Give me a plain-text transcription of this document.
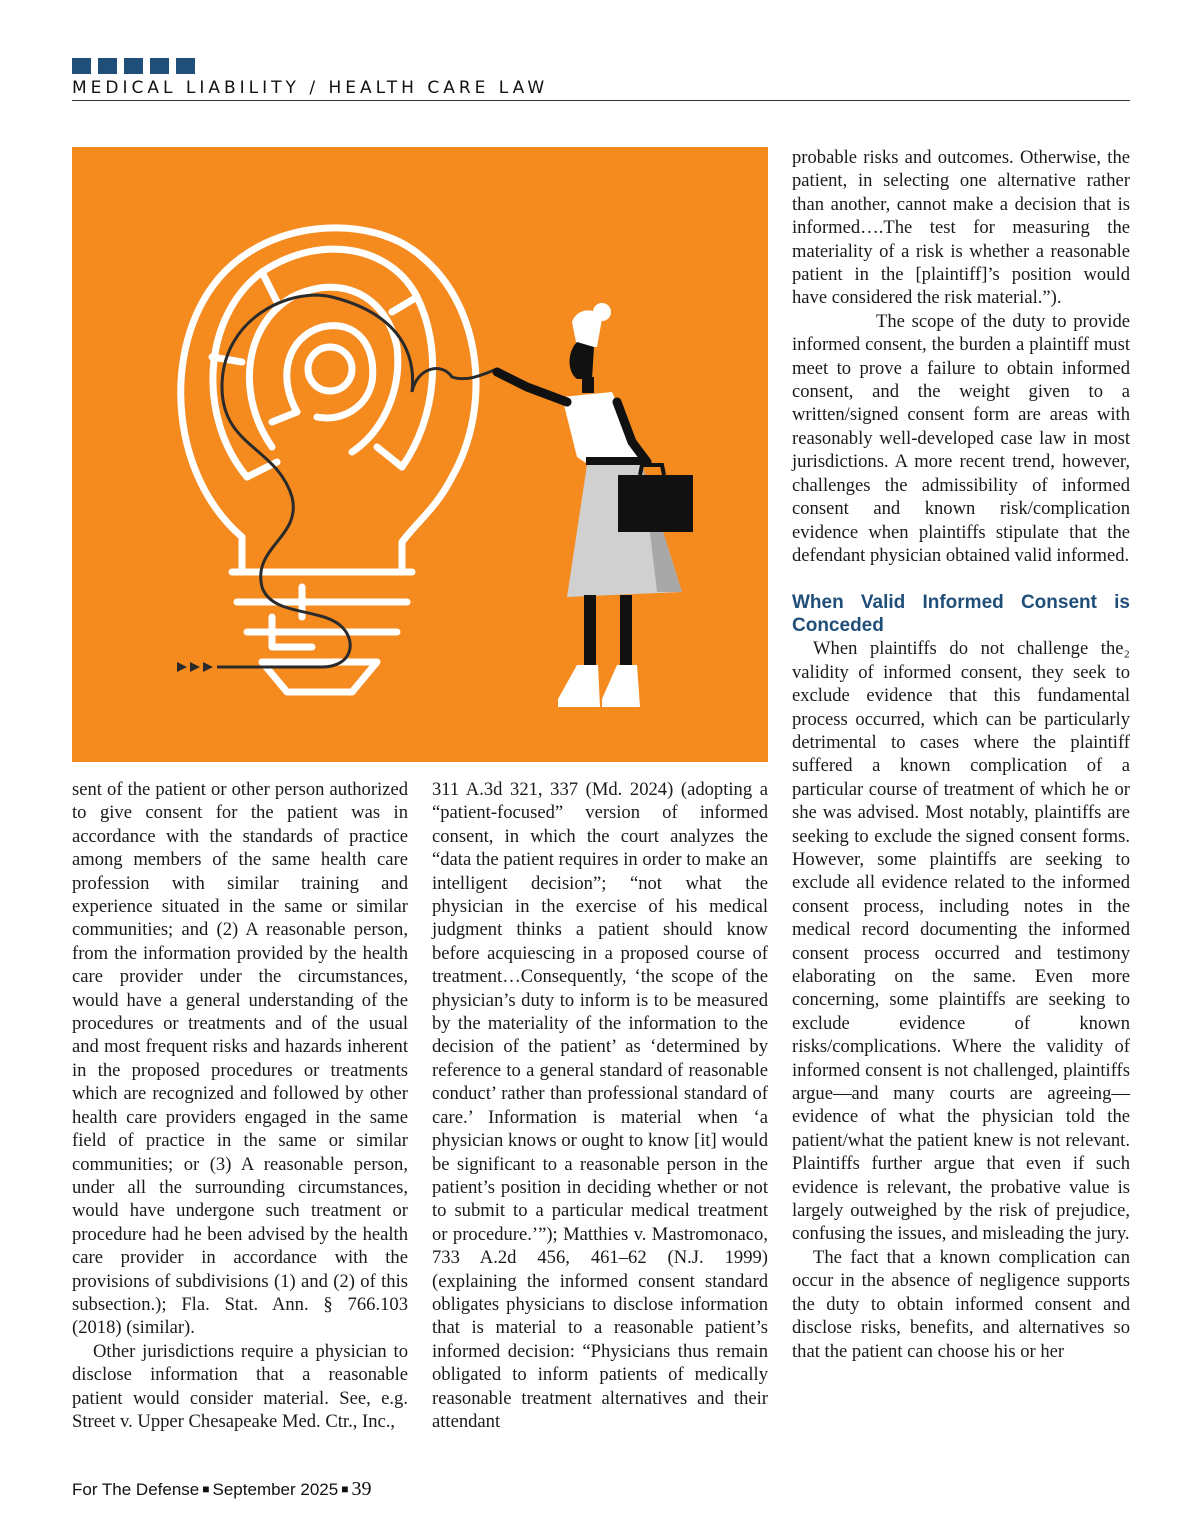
MEDICAL LIABILITY / HEALTH CARE LAW

sent of the patient or other person authorized to give consent for the patient was in accordance with the standards of practice among members of the same health care profession with similar training and experience situated in the same or similar communities; and (2) A reasonable person, from the information provided by the health care provider under the circumstances, would have a general understanding of the procedures or treatments and of the usual and most frequent risks and hazards inherent in the proposed procedures or treatments which are recognized and followed by other health care providers engaged in the same field of practice in the same or similar communities; or (3) A reasonable person, under all the surrounding circumstances, would have undergone such treatment or procedure had he been advised by the health care provider in accordance with the provisions of subdivisions (1) and (2) of this subsection.); Fla. Stat. Ann. § 766.103 (2018) (similar).

Other jurisdictions require a physician to disclose information that a reasonable patient would consider material. See, e.g. Street v. Upper Chesapeake Med. Ctr., Inc.,

311 A.3d 321, 337 (Md. 2024) (adopting a “patient-focused” version of informed consent, in which the court analyzes the “data the patient requires in order to make an intelligent decision”; “not what the physician in the exercise of his medical judgment thinks a patient should know before acquiescing in a proposed course of treatment…Consequently, ‘the scope of the physician’s duty to inform is to be measured by the materiality of the information to the decision of the patient’ as ‘determined by reference to a general standard of reasonable conduct’ rather than professional standard of care.’ Information is material when ‘a physician knows or ought to know [it] would be significant to a reasonable person in the patient’s position in deciding whether or not to submit to a particular medical treatment or procedure.’”); Matthies v. Mastromonaco, 733 A.2d 456, 461–62 (N.J. 1999) (explaining the informed consent standard obligates physicians to disclose information that is material to a reasonable patient’s informed decision: “Physicians thus remain obligated to inform patients of medically reasonable treatment alternatives and their attendant

probable risks and outcomes. Otherwise, the patient, in selecting one alternative rather than another, cannot make a decision that is informed….The test for measuring the materiality of a risk is whether a reasonable patient in the [plaintiff]’s position would have considered the risk material.”).

The scope of the duty to provide informed consent, the burden a plaintiff must meet to prove a failure to obtain informed consent, and the weight given to a written/signed consent form are areas with reasonably well-developed case law in most jurisdictions. A more recent trend, however, challenges the admissibility of informed consent and known risk/complication evidence when plaintiffs stipulate that the defendant physician obtained valid informed.

When Valid Informed Consent is Conceded

When plaintiffs do not challenge the₂ validity of informed consent, they seek to exclude evidence that this fundamental process occurred, which can be particularly detrimental to cases where the plaintiff suffered a known complication of a particular course of treatment of which he or she was advised. Most notably, plaintiffs are seeking to exclude the signed consent forms. However, some plaintiffs are seeking to exclude all evidence related to the informed consent process, including notes in the medical record documenting the informed consent process occurred and testimony elaborating on the same. Even more concerning, some plaintiffs are seeking to exclude evidence of known risks/complications. Where the validity of informed consent is not challenged, plaintiffs argue—and many courts are agreeing—evidence of what the physician told the patient/what the patient knew is not relevant. Plaintiffs further argue that even if such evidence is relevant, the probative value is largely outweighed by the risk of prejudice, confusing the issues, and misleading the jury.

The fact that a known complication can occur in the absence of negligence supports the duty to obtain informed consent and disclose risks, benefits, and alternatives so that the patient can choose his or her

For The Defense ■ September 2025 ■ 39
